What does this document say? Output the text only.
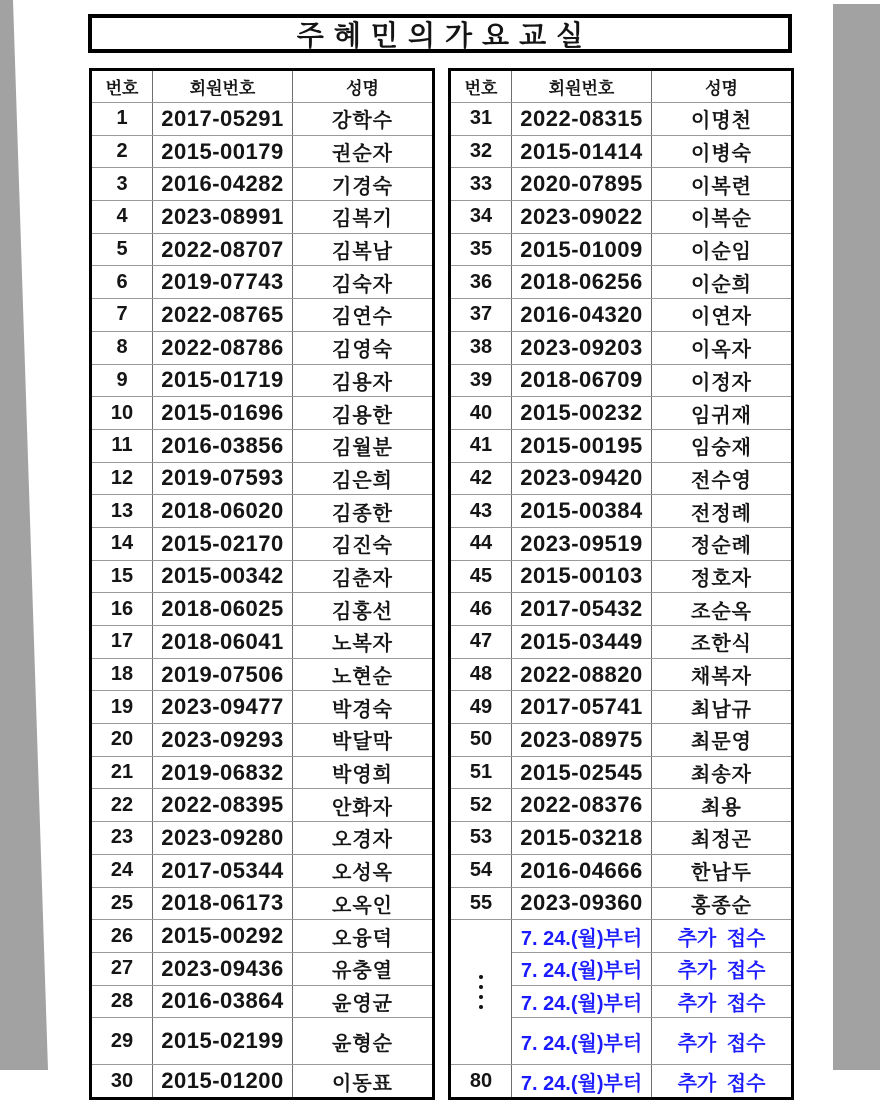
주혜민의가요교실
번호	회원번호	성명
1	2017-05291	강학수
2	2015-00179	권순자
3	2016-04282	기경숙
4	2023-08991	김복기
5	2022-08707	김복남
6	2019-07743	김숙자
7	2022-08765	김연수
8	2022-08786	김영숙
9	2015-01719	김용자
10	2015-01696	김용한
11	2016-03856	김월분
12	2019-07593	김은희
13	2018-06020	김종한
14	2015-02170	김진숙
15	2015-00342	김춘자
16	2018-06025	김홍선
17	2018-06041	노복자
18	2019-07506	노현순
19	2023-09477	박경숙
20	2023-09293	박달막
21	2019-06832	박영희
22	2022-08395	안화자
23	2023-09280	오경자
24	2017-05344	오성옥
25	2018-06173	오옥인
26	2015-00292	오융덕
27	2023-09436	유충열
28	2016-03864	윤영균
29	2015-02199	윤형순
30	2015-01200	이동표
번호	회원번호	성명
31	2022-08315	이명천
32	2015-01414	이병숙
33	2020-07895	이복련
34	2023-09022	이복순
35	2015-01009	이순임
36	2018-06256	이순희
37	2016-04320	이연자
38	2023-09203	이옥자
39	2018-06709	이정자
40	2015-00232	임귀재
41	2015-00195	임숭재
42	2023-09420	전수영
43	2015-00384	전정례
44	2023-09519	정순례
45	2015-00103	정호자
46	2017-05432	조순옥
47	2015-03449	조한식
48	2022-08820	채복자
49	2017-05741	최남규
50	2023-08975	최문영
51	2015-02545	최송자
52	2022-08376	최용
53	2015-03218	최정곤
54	2016-04666	한남두
55	2023-09360	홍종순

	7. 24.(월)부터	추가 접수
	7. 24.(월)부터	추가 접수
	7. 24.(월)부터	추가 접수
	7. 24.(월)부터	추가 접수
80	7. 24.(월)부터	추가 접수
